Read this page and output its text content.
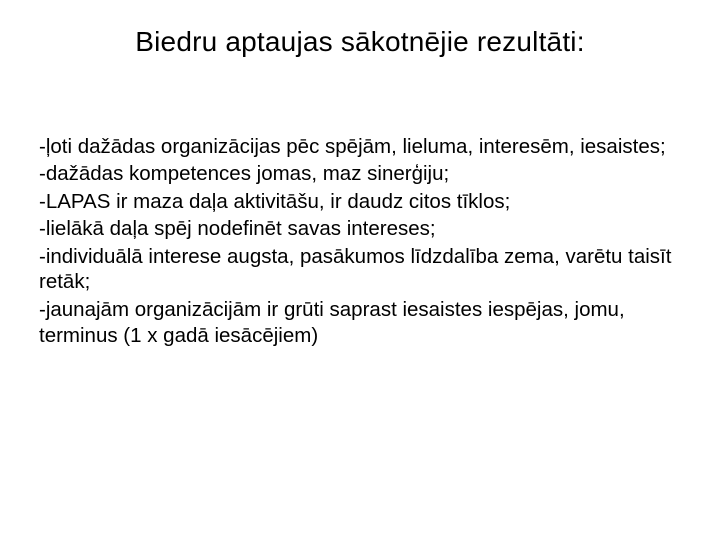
Biedru aptaujas sākotnējie rezultāti:
-ļoti dažādas organizācijas pēc spējām, lieluma, interesēm, iesaistes;
-dažādas kompetences jomas, maz sinerģiju;
-LAPAS ir maza daļa aktivitāšu, ir daudz citos tīklos;
-lielākā daļa spēj nodefinēt savas intereses;
-individuālā interese augsta, pasākumos līdzdalība zema, varētu taisīt retāk;
-jaunajām organizācijām ir grūti saprast iesaistes iespējas, jomu, terminus (1 x gadā iesācējiem)
